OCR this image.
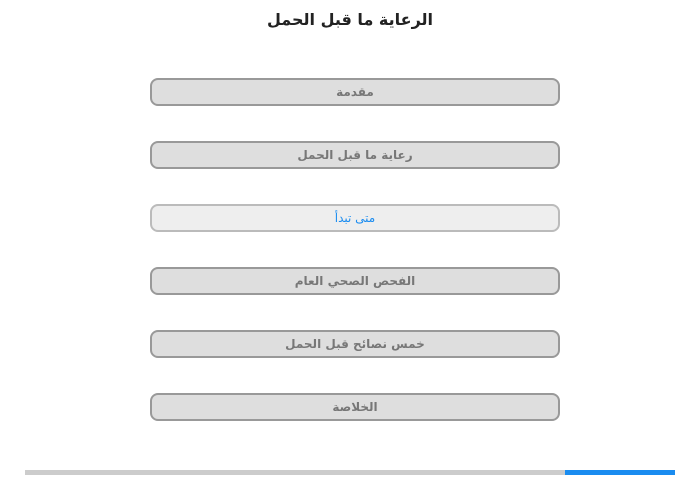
الرعاية ما قبل الحمل
مقدمة
رعاية ما قبل الحمل
متى تبدأ
الفحص الصحي العام
خمس نصائح قبل الحمل
الخلاصة
